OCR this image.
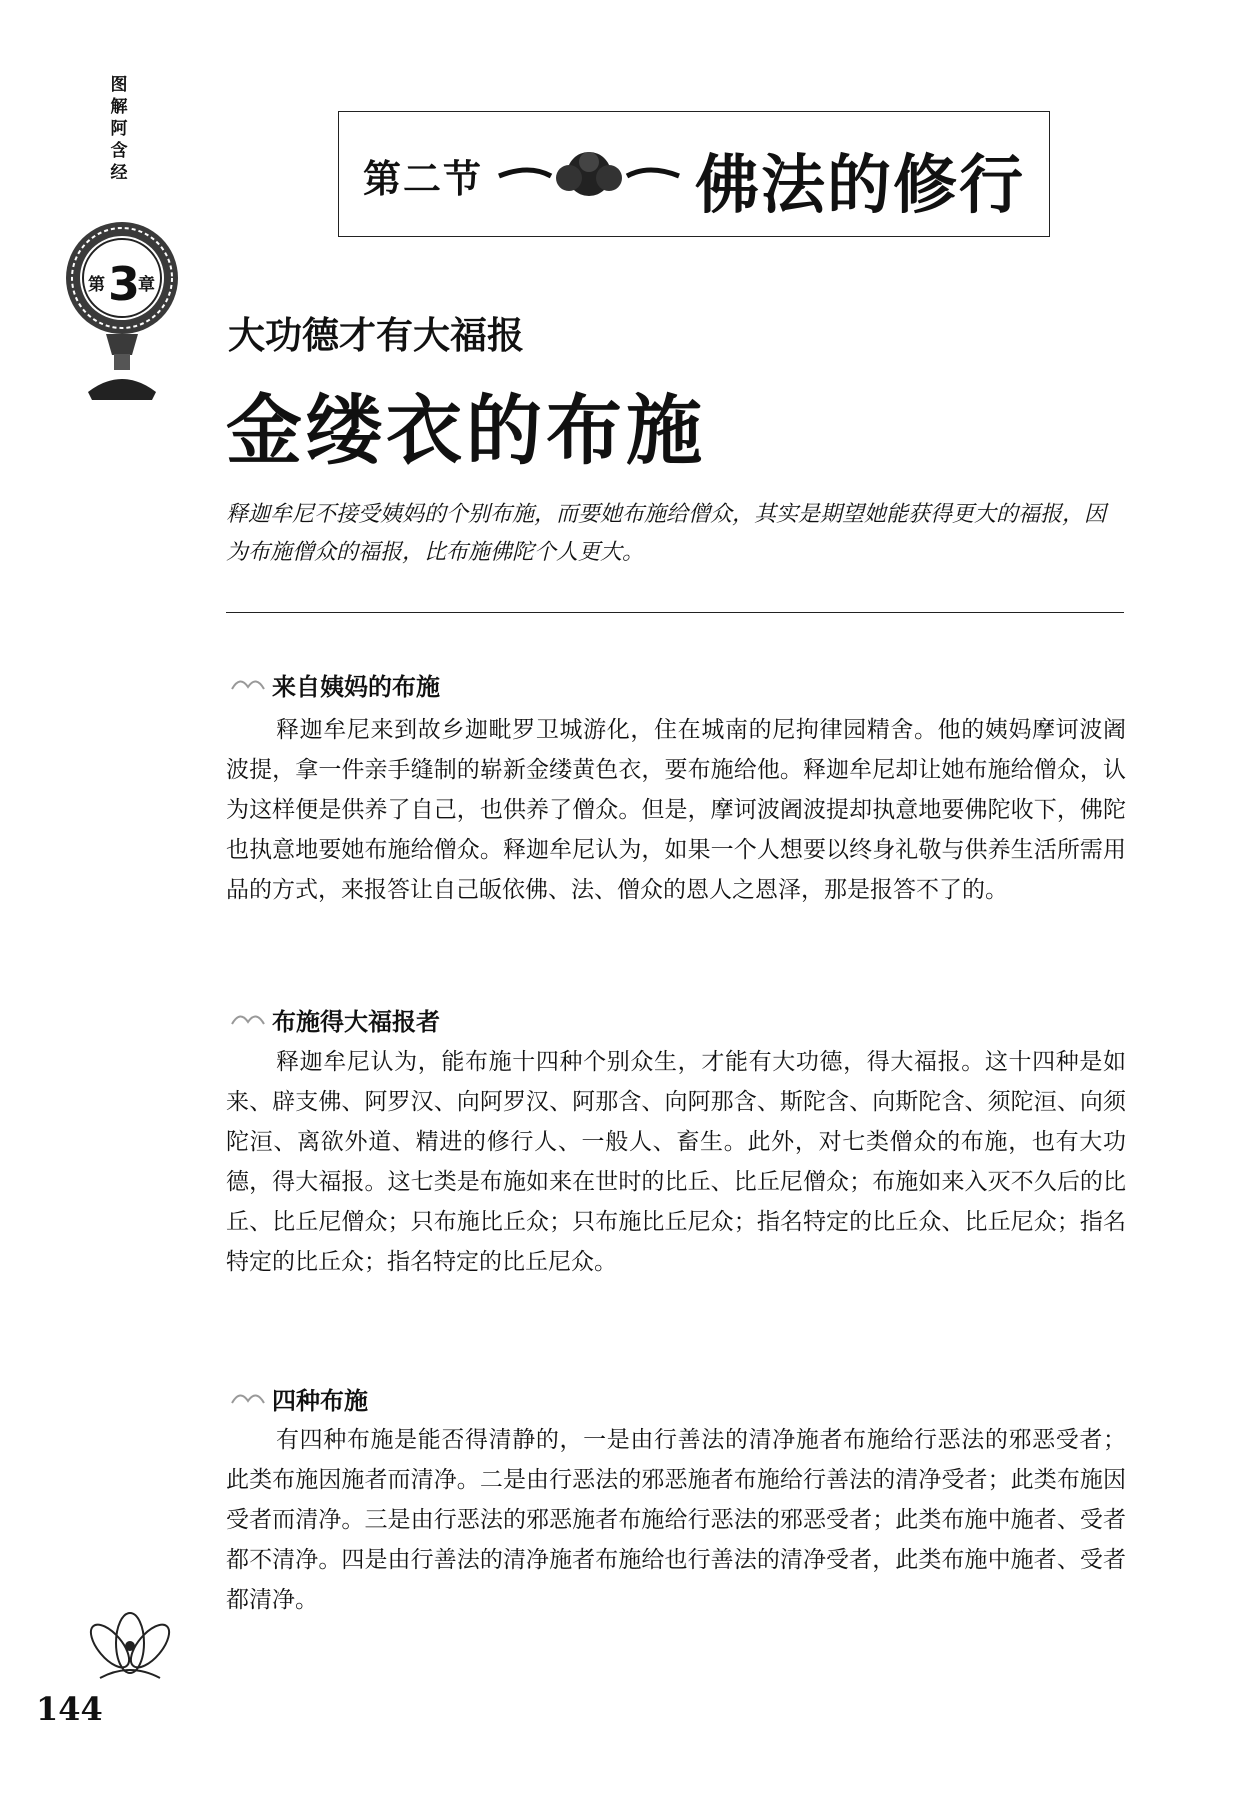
图解阿含经
第 3
章
第二节	佛法的修行
大功德才有大福报
金缕衣的布施
释迦牟尼不接受姨妈的个别布施，而要她布施给僧众，其实是期望她能获得更大的福报，因为布施僧众的福报，比布施佛陀个人更大。
来自姨妈的布施
释迦牟尼来到故乡迦毗罗卫城游化，住在城南的尼拘律园精舍。他的姨妈摩诃波阇波提，拿一件亲手缝制的崭新金缕黄色衣，要布施给他。释迦牟尼却让她布施给僧众，认为这样便是供养了自己，也供养了僧众。但是，摩诃波阇波提却执意地要佛陀收下，佛陀也执意地要她布施给僧众。释迦牟尼认为，如果一个人想要以终身礼敬与供养生活所需用品的方式，来报答让自己皈依佛、法、僧众的恩人之恩泽，那是报答不了的。
布施得大福报者
释迦牟尼认为，能布施十四种个别众生，才能有大功德，得大福报。这十四种是如来、辟支佛、阿罗汉、向阿罗汉、阿那含、向阿那含、斯陀含、向斯陀含、须陀洹、向须陀洹、离欲外道、精进的修行人、一般人、畜生。此外，对七类僧众的布施，也有大功德，得大福报。这七类是布施如来在世时的比丘、比丘尼僧众；布施如来入灭不久后的比丘、比丘尼僧众；只布施比丘众；只布施比丘尼众；指名特定的比丘众、比丘尼众；指名特定的比丘众；指名特定的比丘尼众。
四种布施
有四种布施是能否得清静的，一是由行善法的清净施者布施给行恶法的邪恶受者；此类布施因施者而清净。二是由行恶法的邪恶施者布施给行善法的清净受者；此类布施因受者而清净。三是由行恶法的邪恶施者布施给行恶法的邪恶受者；此类布施中施者、受者都不清净。四是由行善法的清净施者布施给也行善法的清净受者，此类布施中施者、受者都清净。
144
